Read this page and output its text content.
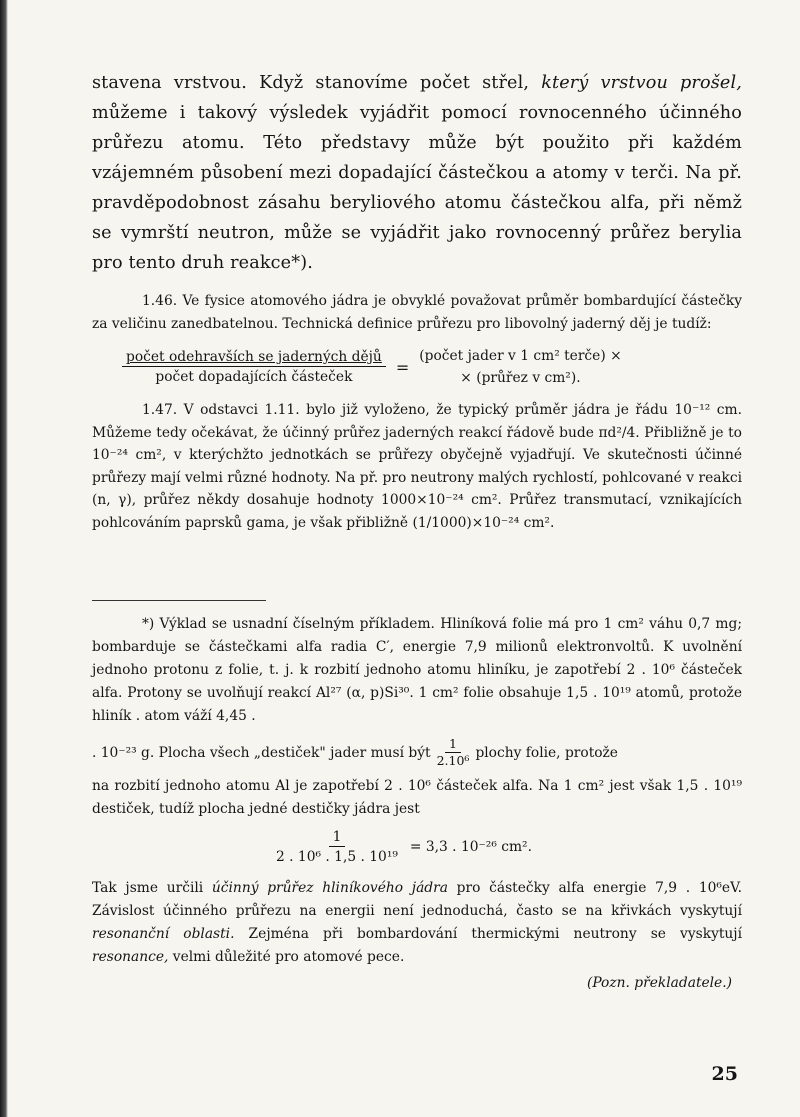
stavena vrstvou. Když stanovíme počet střel, který vrstvou prošel, můžeme i takový výsledek vyjádřit pomocí rovnocenného účinného průřezu atomu. Této představy může být použito při každém vzájemném působení mezi dopadající částečkou a atomy v terči. Na př. pravděpodobnost zásahu beryliového atomu částečkou alfa, při němž se vymrští neutron, může se vyjádřit jako rovnocenný průřez berylia pro tento druh reakce*).

1.46. Ve fysice atomového jádra je obvyklé považovat průměr bombardující částečky za veličinu zanedbatelnou. Technická definice průřezu pro libovolný jaderný děj je tudíž:

$\frac{\text{počet odehravších se jaderných dějů}}{\text{počet dopadajících částeček}}$ =
(počet jader v 1 cm² terče) ×
× (průřez v cm²).

1.47. V odstavci 1.11. bylo již vyloženo, že typický průměr jádra je řádu 10⁻¹² cm. Můžeme tedy očekávat, že účinný průřez jaderných reakcí řádově bude πd²/4. Přibližně je to 10⁻²⁴ cm², v kterýchžto jednotkách se průřezy obyčejně vyjadřují. Ve skutečnosti účinné průřezy mají velmi různé hodnoty. Na př. pro neutrony malých rychlostí, pohlcované v reakci (n, γ), průřez někdy dosahuje hodnoty 1000×10⁻²⁴ cm². Průřez transmutací, vznikajících pohlcováním paprsků gama, je však přibližně (1/1000)×10⁻²⁴ cm².

*) Výklad se usnadní číselným příkladem. Hliníková folie má pro 1 cm² váhu 0,7 mg; bombarduje se částečkami alfa radia C′, energie 7,9 milionů elektronvoltů. K uvolnění jednoho protonu z folie, t. j. k rozbití jednoho atomu hliníku, je zapotřebí 2 . 10⁶ částeček alfa. Protony se uvolňují reakcí Al²⁷ (α, p)Si³⁰. 1 cm² folie obsahuje 1,5 . 10¹⁹ atomů, protože hliník . atom váží 4,45 .

. 10⁻²³ g. Plocha všech „destiček" jader musí být $\frac{1}{\text{2.10⁶}}$ plochy folie, protože

na rozbití jednoho atomu Al je zapotřebí 2 . 10⁶ částeček alfa. Na 1 cm² jest však 1,5 . 10¹⁹ destiček, tudíž plocha jedné destičky jádra jest

$\frac{1}{\text{2 . 10⁶ . 1,5 . 10¹⁹}} = 3,3$ . 10⁻²⁶ cm².

Tak jsme určili účinný průřez hliníkového jádra pro částečky alfa energie 7,9 . 10⁶eV. Závislost účinného průřezu na energii není jednoduchá, často se na křivkách vyskytují resonanční oblasti. Zejména při bombardování thermickými neutrony se vyskytují resonance, velmi důležité pro atomové pece.

(Pozn. překladatele.)

25
